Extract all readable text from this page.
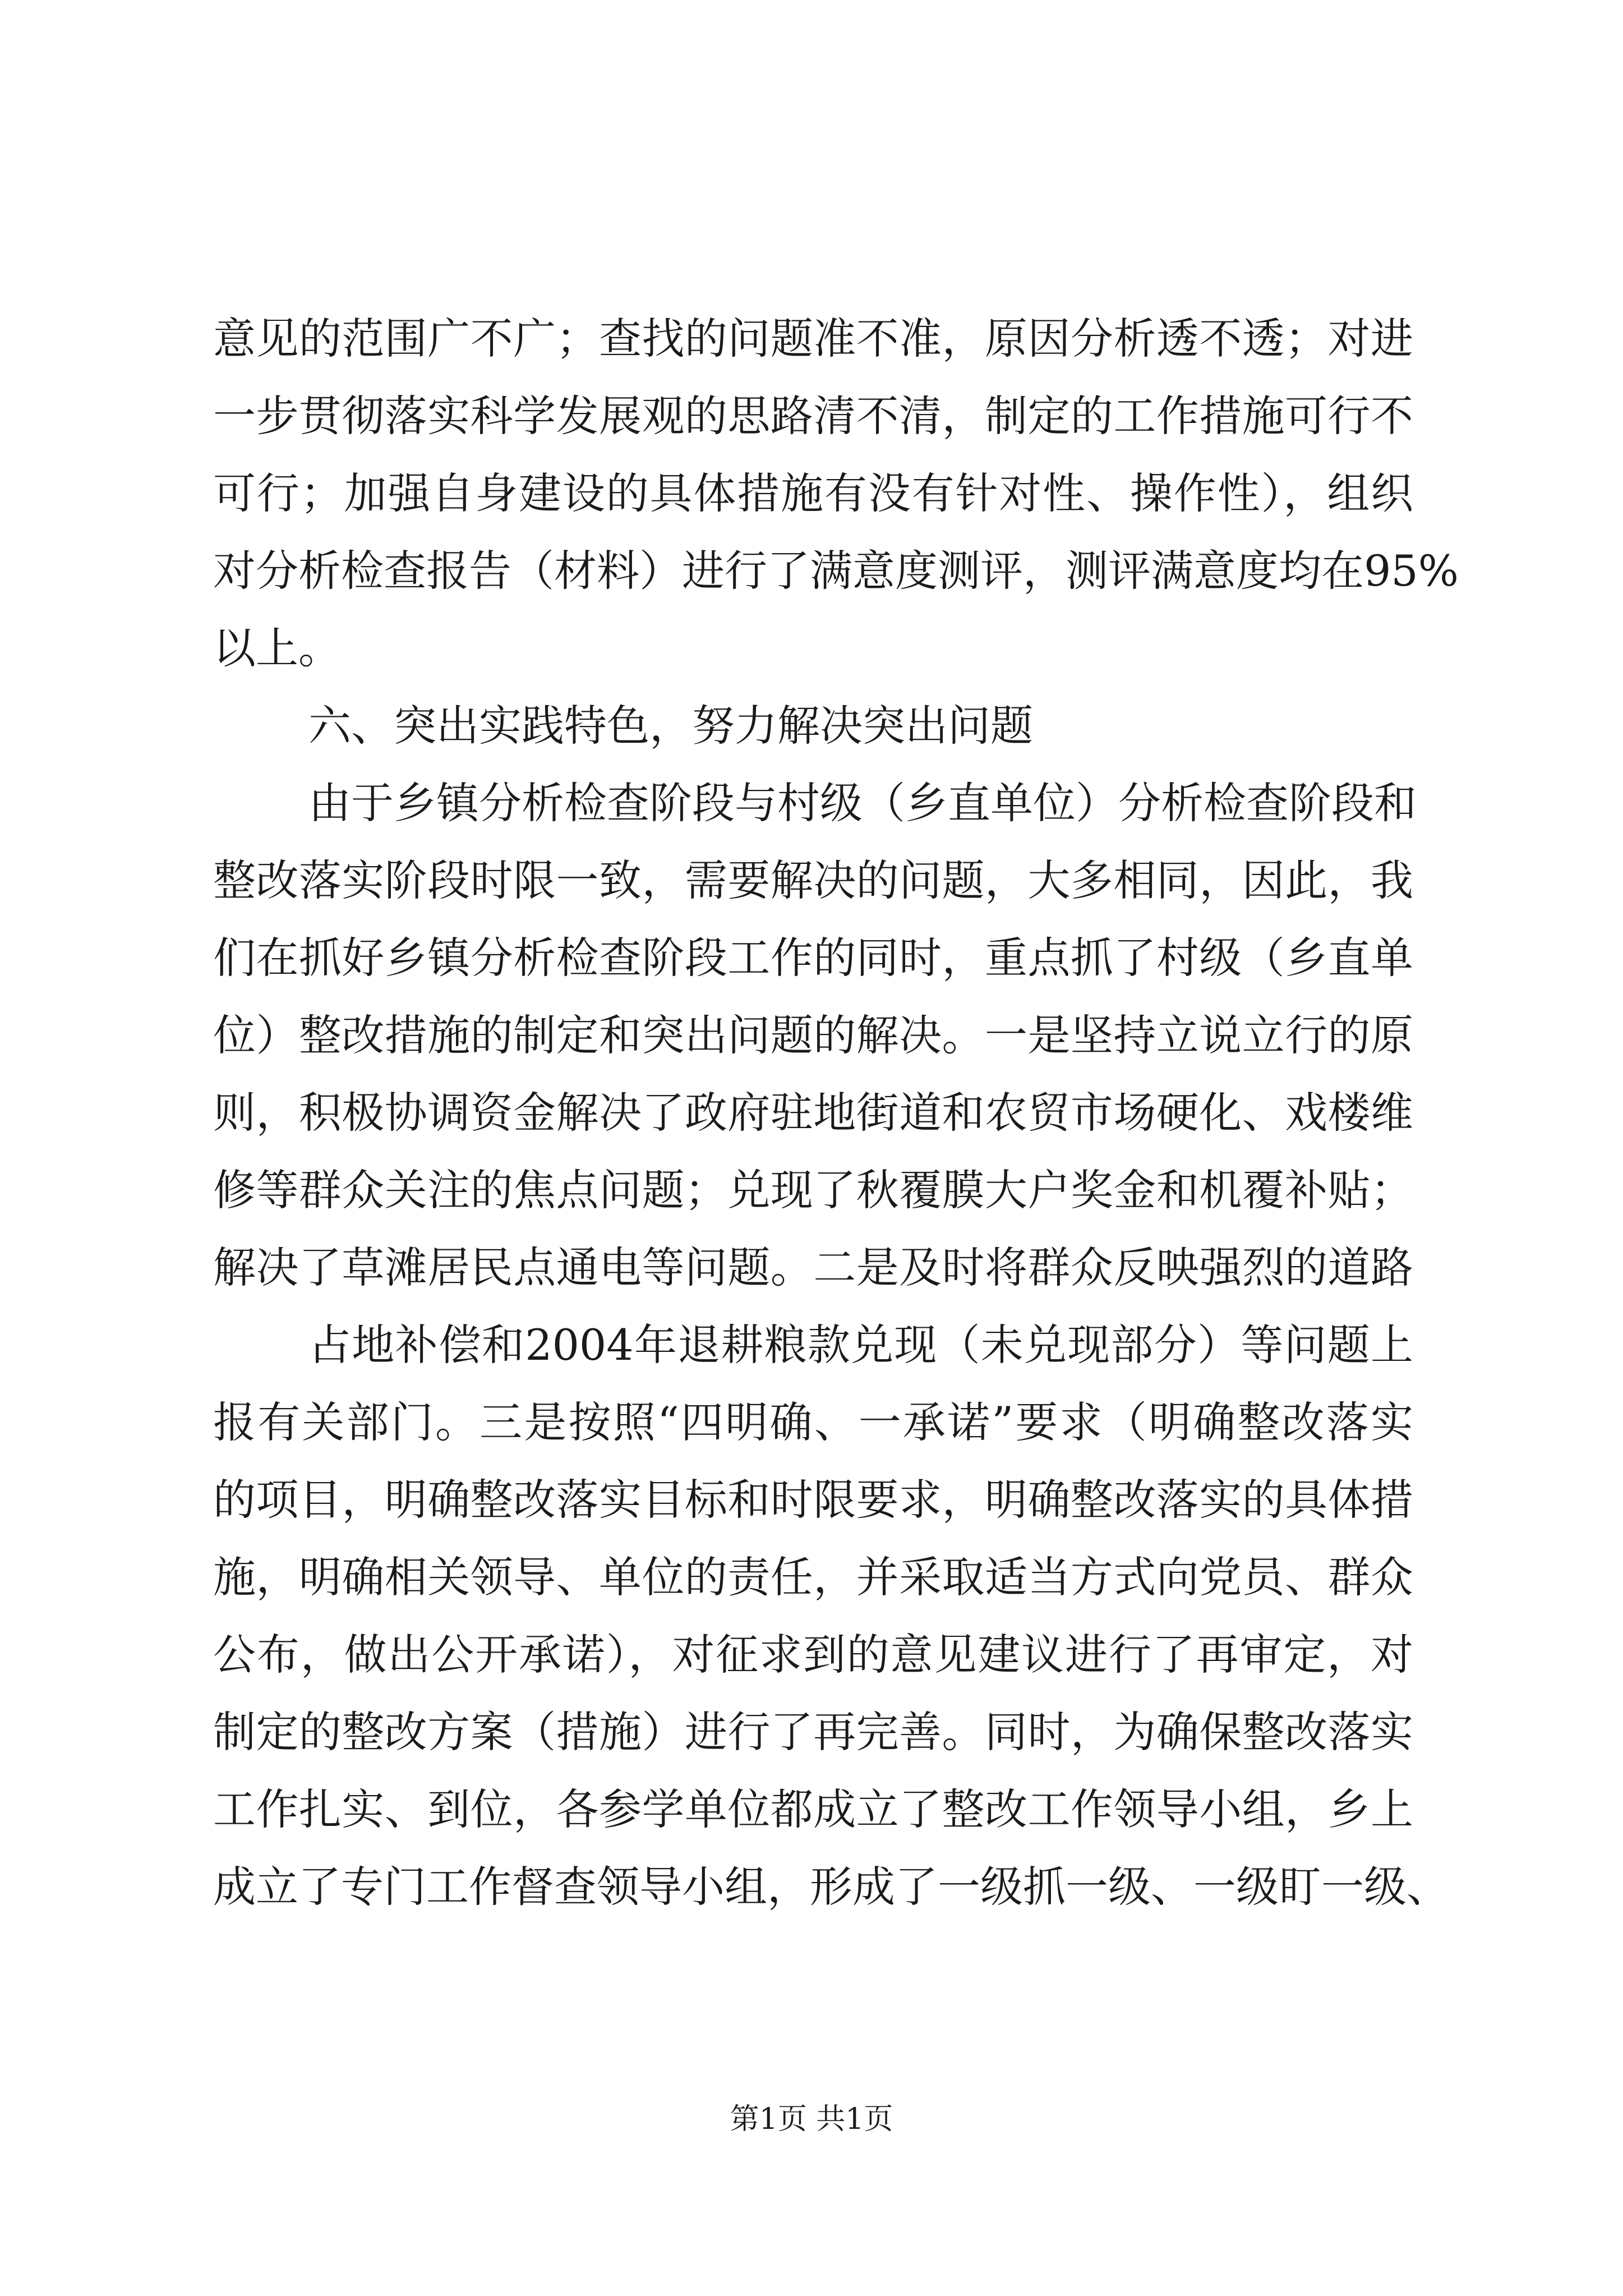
意见的范围广不广；查找的问题准不准，原因分析透不透；对进
一步贯彻落实科学发展观的思路清不清，制定的工作措施可行不
可行；加强自身建设的具体措施有没有针对性、操作性），组织
对分析检查报告（材料）进行了满意度测评，测评满意度均在95%
以上。
六、突出实践特色，努力解决突出问题
由于乡镇分析检查阶段与村级（乡直单位）分析检查阶段和
整改落实阶段时限一致，需要解决的问题，大多相同，因此，我
们在抓好乡镇分析检查阶段工作的同时，重点抓了村级（乡直单
位）整改措施的制定和突出问题的解决。一是坚持立说立行的原
则，积极协调资金解决了政府驻地街道和农贸市场硬化、戏楼维
修等群众关注的焦点问题；兑现了秋覆膜大户奖金和机覆补贴；
解决了草滩居民点通电等问题。二是及时将群众反映强烈的道路
占地补偿和2004年退耕粮款兑现（未兑现部分）等问题上
报有关部门。三是按照“四明确、一承诺”要求（明确整改落实
的项目，明确整改落实目标和时限要求，明确整改落实的具体措
施，明确相关领导、单位的责任，并采取适当方式向党员、群众
公布，做出公开承诺），对征求到的意见建议进行了再审定，对
制定的整改方案（措施）进行了再完善。同时，为确保整改落实
工作扎实、到位，各参学单位都成立了整改工作领导小组，乡上
成立了专门工作督查领导小组，形成了一级抓一级、一级盯一级、
第1页 共1页
